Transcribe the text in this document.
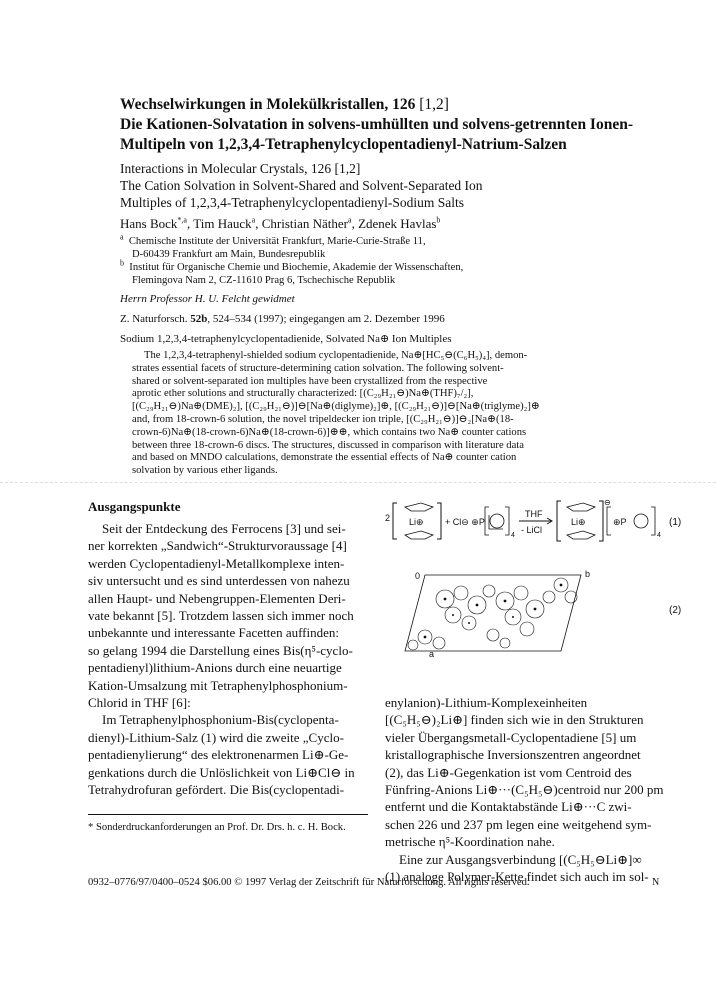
Wechselwirkungen in Molekülkristallen, 126 [1,2]
Die Kationen-Solvatation in solvens-umhüllten und solvens-getrennten Ionen-
Multipeln von 1,2,3,4-Tetraphenylcyclopentadienyl-Natrium-Salzen
Interactions in Molecular Crystals, 126 [1,2]
The Cation Solvation in Solvent-Shared and Solvent-Separated Ion
Multiples of 1,2,3,4-Tetraphenylcyclopentadienyl-Sodium Salts
Hans Bock$^{*,a}$, Tim Hauck$^a$, Christian Näther$^a$, Zdenek Havlas$^b$
$^a$ Chemische Institute der Universität Frankfurt, Marie-Curie-Straße 11,
D-60439 Frankfurt am Main, Bundesrepublik
$^b$ Institut für Organische Chemie und Biochemie, Akademie der Wissenschaften,
Flemingova Nam 2, CZ-11610 Prag 6, Tschechische Republik
Herrn Professor H. U. Felcht gewidmet
Z. Naturforsch. 52b, 524–534 (1997); eingegangen am 2. Dezember 1996
Sodium 1,2,3,4-tetraphenylcyclopentadienide, Solvated Na⊕ Ion Multiples
The 1,2,3,4-tetraphenyl-shielded sodium cyclopentadienide, Na⊕[HC₅⊖(C₆H₅)₄], demon-
strates essential facets of structure-determining cation solvation. The following solvent-
shared or solvent-separated ion multiples have been crystallized from the respective
aprotic ether solutions and structurally characterized: [(C₂₉H₂₁⊖)Na⊕(THF)₇/₂],
[(C₂₉H₂₁⊖)Na⊕(DME)₂], [(C₂₉H₂₁⊖)]⊖[Na⊕(diglyme)₂]⊕, [(C₂₉H₂₁⊖)]⊖[Na⊕(triglyme)₂]⊕
and, from 18-crown-6 solution, the novel tripeldecker ion triple, [(C₂₉H₂₁⊖)]⊖₂[Na⊕(18-
crown-6)Na⊕(18-crown-6)Na⊕(18-crown-6)]⊕⊕, which contains two Na⊕ counter cations
between three 18-crown-6 discs. The structures, discussed in comparison with literature data
and based on MNDO calculations, demonstrate the essential effects of Na⊕ counter cation
solvation by various ether ligands.
Ausgangspunkte
Seit der Entdeckung des Ferrocens [3] und sei-
ner korrekten „Sandwich“-Strukturvoraussage [4]
werden Cyclopentadienyl-Metallkomplexe inten-
siv untersucht und es sind unterdessen von nahezu
allen Haupt- und Nebengruppen-Elementen Deri-
vate bekannt [5]. Trotzdem lassen sich immer noch
unbekannte und interessante Facetten auffinden:
so gelang 1994 die Darstellung eines Bis(η⁵-cyclo-
pentadienyl)lithium-Anions durch eine neuartige
Kation-Umsalzung mit Tetraphenylphosphonium-
Chlorid in THF [6]:
Im Tetraphenylphosphonium-Bis(cyclopenta-
dienyl)-Lithium-Salz (1) wird die zweite „Cyclo-
pentadienylierung“ des elektronenarmen Li⊕-Ge-
genkations durch die Unlöslichkeit von Li⊕Cl⊖ in
Tetrahydrofuran gefördert. Die Bis(cyclopentadi-
2 Li⊕ + Cl⊖ ⊕P
4
THF
- LiCl
Li⊕
⊖
⊕P
4
(1)
0	b
a
(2)
enylanion)-Lithium-Komplexeinheiten
[(C₅H₅⊖)₂Li⊕] finden sich wie in den Strukturen
vieler Übergangsmetall-Cyclopentadiene [5] um
kristallographische Inversionszentren angeordnet
(2), das Li⊕-Gegenkation ist vom Centroid des
Fünfring-Anions Li⊕···(C₅H₅⊖)centroid nur 200 pm
entfernt und die Kontaktabstände Li⊕···C zwi-
schen 226 und 237 pm legen eine weitgehend sym-
metrische η⁵-Koordination nahe.
Eine zur Ausgangsverbindung [(C₅H₅⊖Li⊕]∞
(1) analoge Polymer-Kette findet sich auch im sol-
* Sonderdruckanforderungen an Prof. Dr. Drs. h. c. H. Bock.
0932–0776/97/0400–0524 $06.00 © 1997 Verlag der Zeitschrift für Naturforschung. All rights reserved.	N
